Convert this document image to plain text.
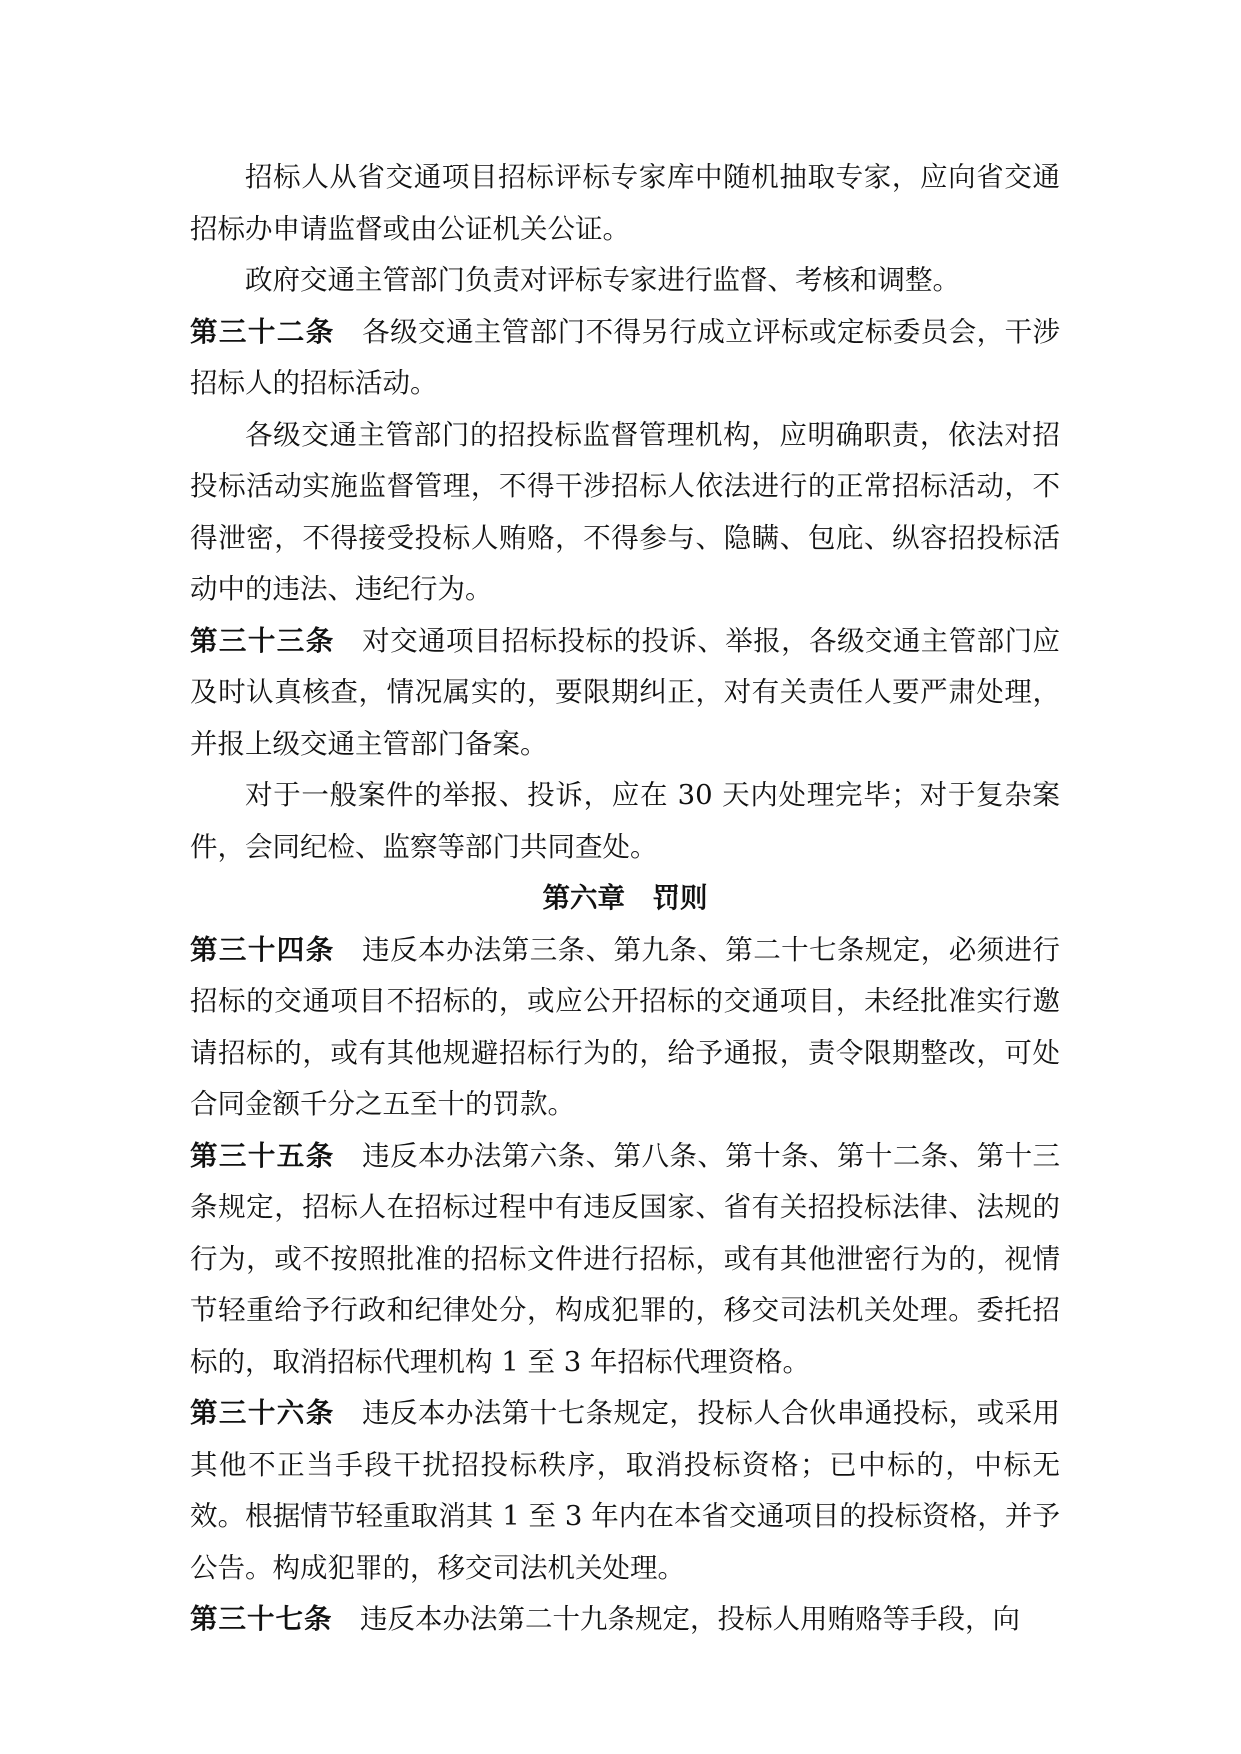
招标人从省交通项目招标评标专家库中随机抽取专家，应向省交通招标办申请监督或由公证机关公证。

政府交通主管部门负责对评标专家进行监督、考核和调整。

第三十二条 各级交通主管部门不得另行成立评标或定标委员会，干涉招标人的招标活动。

各级交通主管部门的招投标监督管理机构，应明确职责，依法对招投标活动实施监督管理，不得干涉招标人依法进行的正常招标活动，不得泄密，不得接受投标人贿赂，不得参与、隐瞒、包庇、纵容招投标活动中的违法、违纪行为。

第三十三条 对交通项目招标投标的投诉、举报，各级交通主管部门应及时认真核查，情况属实的，要限期纠正，对有关责任人要严肃处理，并报上级交通主管部门备案。

对于一般案件的举报、投诉，应在 30 天内处理完毕；对于复杂案件，会同纪检、监察等部门共同查处。

第六章　罚则

第三十四条 违反本办法第三条、第九条、第二十七条规定，必须进行招标的交通项目不招标的，或应公开招标的交通项目，未经批准实行邀请招标的，或有其他规避招标行为的，给予通报，责令限期整改，可处合同金额千分之五至十的罚款。

第三十五条 违反本办法第六条、第八条、第十条、第十二条、第十三条规定，招标人在招标过程中有违反国家、省有关招投标法律、法规的行为，或不按照批准的招标文件进行招标，或有其他泄密行为的，视情节轻重给予行政和纪律处分，构成犯罪的，移交司法机关处理。委托招标的，取消招标代理机构 1 至 3 年招标代理资格。

第三十六条 违反本办法第十七条规定，投标人合伙串通投标，或采用其他不正当手段干扰招投标秩序，取消投标资格；已中标的，中标无效。根据情节轻重取消其 1 至 3 年内在本省交通项目的投标资格，并予公告。构成犯罪的，移交司法机关处理。

第三十七条 违反本办法第二十九条规定，投标人用贿赂等手段，向
